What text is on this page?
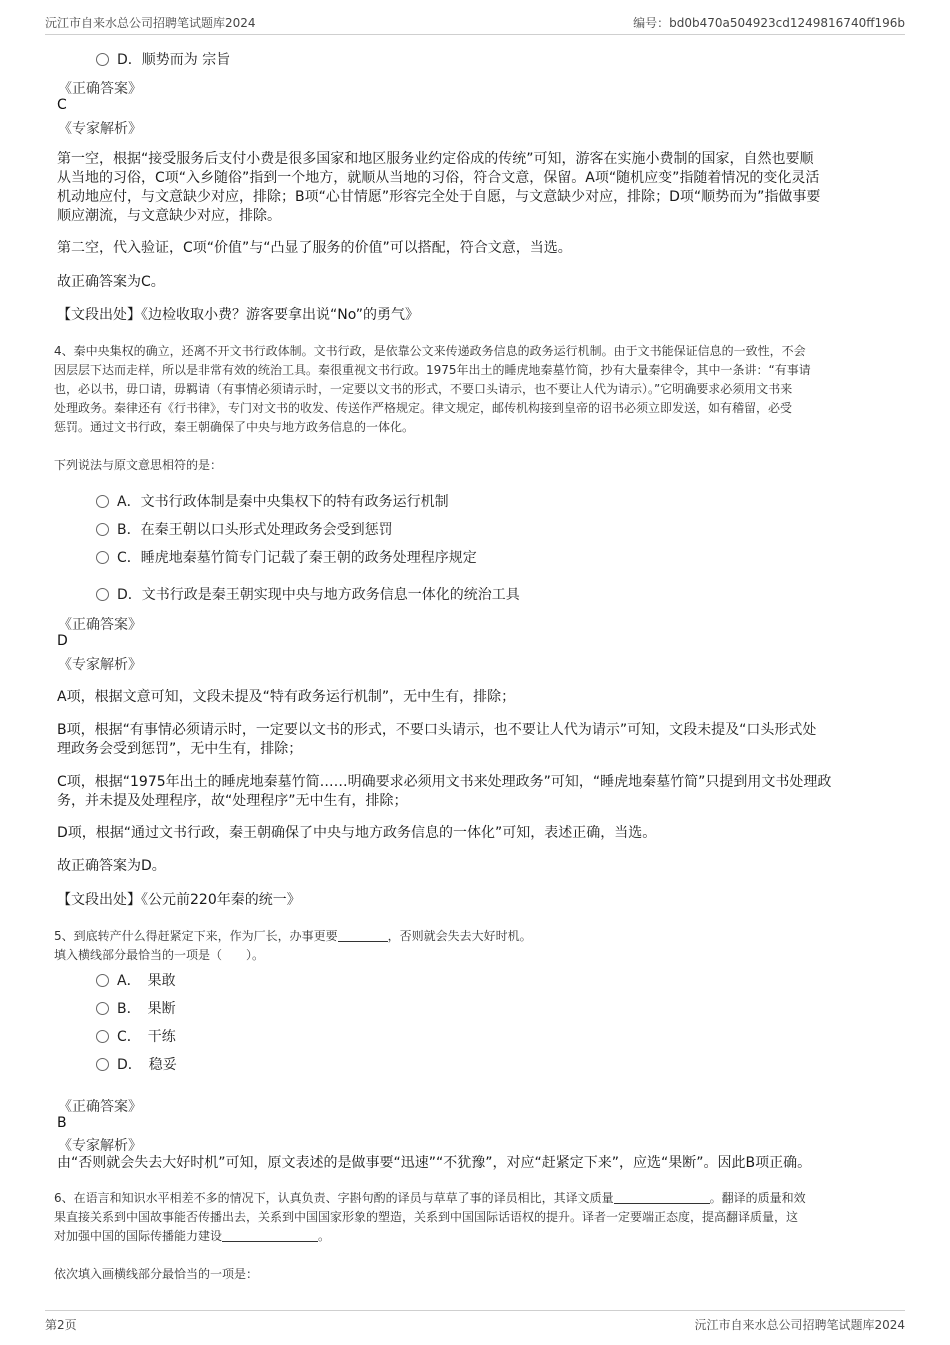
沅江市自来水总公司招聘笔试题库2024	编号：bd0b470a504923cd1249816740ff196b
D．顺势而为 宗旨
《正确答案》
C
《专家解析》
第一空，根据“接受服务后支付小费是很多国家和地区服务业约定俗成的传统”可知，游客在实施小费制的国家，自然也要顺
从当地的习俗，C项“入乡随俗”指到一个地方，就顺从当地的习俗，符合文意，保留。A项“随机应变”指随着情况的变化灵活
机动地应付，与文意缺少对应，排除；B项“心甘情愿”形容完全处于自愿，与文意缺少对应，排除；D项“顺势而为”指做事要
顺应潮流，与文意缺少对应，排除。
第二空，代入验证，C项“价值”与“凸显了服务的价值”可以搭配，符合文意，当选。
故正确答案为C。
【文段出处】《边检收取小费？游客要拿出说“No”的勇气》
4、秦中央集权的确立，还离不开文书行政体制。文书行政，是依靠公文来传递政务信息的政务运行机制。由于文书能保证信息的一致性，不会
因层层下达而走样，所以是非常有效的统治工具。秦很重视文书行政。1975年出土的睡虎地秦墓竹简，抄有大量秦律令，其中一条讲：“有事请
也，必以书，毋口请，毋羁请（有事情必须请示时，一定要以文书的形式，不要口头请示，也不要让人代为请示）。”它明确要求必须用文书来
处理政务。秦律还有《行书律》，专门对文书的收发、传送作严格规定。律文规定，邮传机构接到皇帝的诏书必须立即发送，如有稽留，必受
惩罚。通过文书行政，秦王朝确保了中央与地方政务信息的一体化。
下列说法与原文意思相符的是：
A．文书行政体制是秦中央集权下的特有政务运行机制
B．在秦王朝以口头形式处理政务会受到惩罚
C．睡虎地秦墓竹简专门记载了秦王朝的政务处理程序规定
D．文书行政是秦王朝实现中央与地方政务信息一体化的统治工具
《正确答案》
D
《专家解析》
A项，根据文意可知，文段未提及“特有政务运行机制”，无中生有，排除；
B项，根据“有事情必须请示时，一定要以文书的形式，不要口头请示，也不要让人代为请示”可知，文段未提及“口头形式处
理政务会受到惩罚”，无中生有，排除；
C项，根据“1975年出土的睡虎地秦墓竹简……明确要求必须用文书来处理政务”可知，“睡虎地秦墓竹简”只提到用文书处理政
务，并未提及处理程序，故“处理程序”无中生有，排除；
D项，根据“通过文书行政，秦王朝确保了中央与地方政务信息的一体化”可知，表述正确，当选。
故正确答案为D。
【文段出处】《公元前220年秦的统一》
5、到底转产什么得赶紧定下来，作为厂长，办事更要	，否则就会失去大好时机。
填入横线部分最恰当的一项是（　　）。
A．　果敢
B．　果断
C．　干练
D．　稳妥
《正确答案》
B
《专家解析》
由“否则就会失去大好时机”可知，原文表述的是做事要“迅速”“不犹豫”，对应“赶紧定下来”，应选“果断”。因此B项正确。
6、在语言和知识水平相差不多的情况下，认真负责、字斟句酌的译员与草草了事的译员相比，其译文质量	。翻译的质量和效
果直接关系到中国故事能否传播出去，关系到中国国家形象的塑造，关系到中国国际话语权的提升。译者一定要端正态度，提高翻译质量，这
对加强中国的国际传播能力建设	。
依次填入画横线部分最恰当的一项是：
第2页	沅江市自来水总公司招聘笔试题库2024
